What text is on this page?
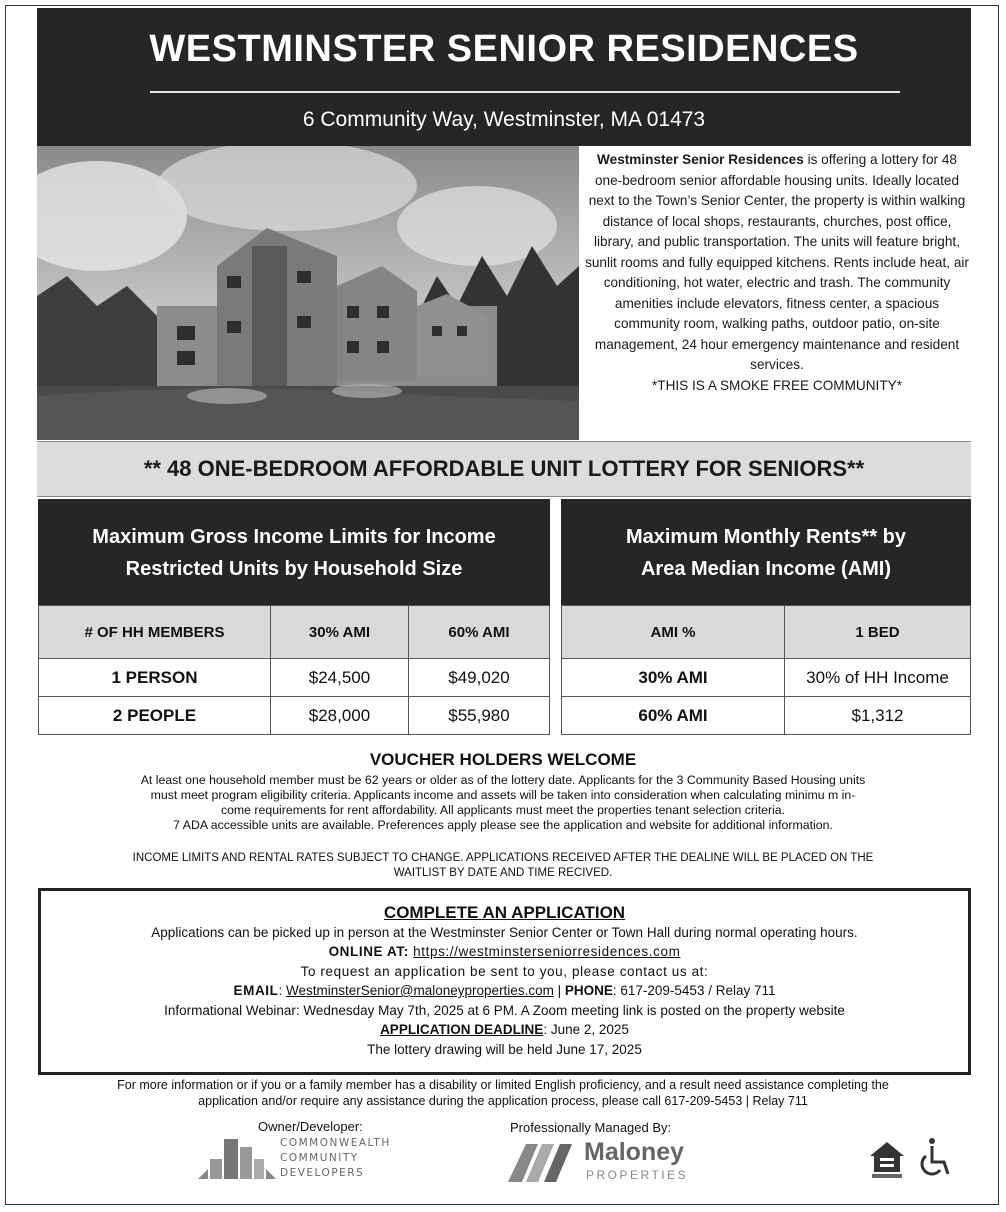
WESTMINSTER SENIOR RESIDENCES
6 Community Way, Westminster, MA 01473
Westminster Senior Residences is offering a lottery for 48 one-bedroom senior affordable housing units. Ideally located next to the Town’s Senior Center, the property is within walking distance of local shops, restaurants, churches, post office, library, and public transportation. The units will feature bright, sunlit rooms and fully equipped kitchens. Rents include heat, air conditioning, hot water, electric and trash. The community amenities include elevators, fitness center, a spacious community room, walking paths, outdoor patio, on-site management, 24 hour emergency maintenance and resident services.
*THIS IS A SMOKE FREE COMMUNITY*
** 48 ONE-BEDROOM AFFORDABLE UNIT LOTTERY FOR SENIORS**
Maximum Gross Income Limits for Income
Restricted Units by Household Size
# OF HH MEMBERS	30% AMI	60% AMI
1 PERSON	$24,500	$49,020
2 PEOPLE	$28,000	$55,980
Maximum Monthly Rents** by
Area Median Income (AMI)
AMI %	1 BED
30% AMI	30% of HH Income
60% AMI	$1,312
VOUCHER HOLDERS WELCOME
At least one household member must be 62 years or older as of the lottery date. Applicants for the 3 Community Based Housing units
must meet program eligibility criteria. Applicants income and assets will be taken into consideration when calculating minimu m in-
come requirements for rent affordability. All applicants must meet the properties tenant selection criteria.
7 ADA accessible units are available. Preferences apply please see the application and website for additional information.
INCOME LIMITS AND RENTAL RATES SUBJECT TO CHANGE. APPLICATIONS RECEIVED AFTER THE DEALINE WILL BE PLACED ON THE
WAITLIST BY DATE AND TIME RECIVED.
COMPLETE AN APPLICATION
Applications can be picked up in person at the Westminster Senior Center or Town Hall during normal operating hours.
ONLINE AT: https://westminsterseniorresidences.com
To request an application be sent to you, please contact us at:
EMAIL: WestminsterSenior@maloneyproperties.com | PHONE: 617-209-5453 / Relay 711
Informational Webinar: Wednesday May 7th, 2025 at 6 PM. A Zoom meeting link is posted on the property website
APPLICATION DEADLINE: June 2, 2025
The lottery drawing will be held June 17, 2025
For more information or if you or a family member has a disability or limited English proficiency, and a result need assistance completing the
application and/or require any assistance during the application process, please call 617-209-5453 | Relay 711
Owner/Developer:	Professionally Managed By:
COMMONWEALTH
COMMUNITY
DEVELOPERS
Maloney
PROPERTIES
